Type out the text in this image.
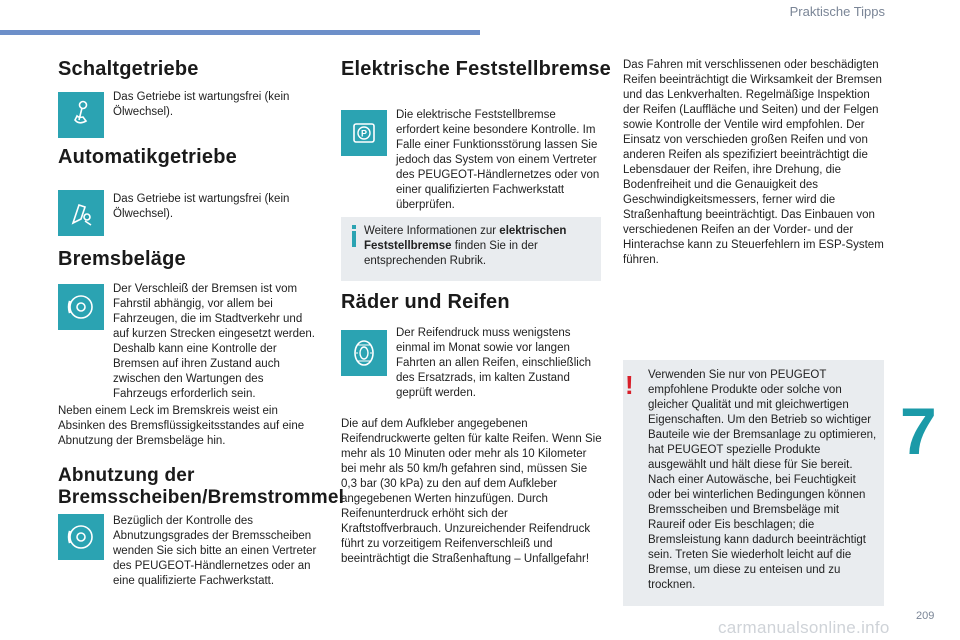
Praktische Tipps
7
Schaltgetriebe

Das Getriebe ist wartungsfrei (kein Ölwechsel).

Automatikgetriebe

Das Getriebe ist wartungsfrei (kein Ölwechsel).

Bremsbeläge

Der Verschleiß der Bremsen ist vom Fahrstil abhängig, vor allem bei Fahrzeugen, die im Stadtverkehr und auf kurzen Strecken eingesetzt werden. Deshalb kann eine Kontrolle der Bremsen auf ihren Zustand auch zwischen den Wartungen des Fahrzeugs erforderlich sein.

Neben einem Leck im Bremskreis weist ein Absinken des Bremsflüssigkeitsstandes auf eine Abnutzung der Bremsbeläge hin.

Abnutzung der
Bremsscheiben/Bremstrommel

Bezüglich der Kontrolle des Abnutzungsgrades der Bremsscheiben wenden Sie sich bitte an einen Vertreter des PEUGEOT-Händlernetzes oder an eine qualifizierte Fachwerkstatt.

Elektrische Feststellbremse
P

Die elektrische Feststellbremse erfordert keine besondere Kontrolle. Im Falle einer Funktionsstörung lassen Sie jedoch das System von einem Vertreter des PEUGEOT-Händlernetzes oder von einer qualifizierten Fachwerkstatt überprüfen.

Weitere Informationen zur elektrischen Feststellbremse finden Sie in der entsprechenden Rubrik.
Räder und Reifen

Der Reifendruck muss wenigstens einmal im Monat sowie vor langen Fahrten an allen Reifen, einschließlich des Ersatzrads, im kalten Zustand geprüft werden.

Die auf dem Aufkleber angegebenen Reifendruckwerte gelten für kalte Reifen. Wenn Sie mehr als 10 Minuten oder mehr als 10 Kilometer bei mehr als 50 km/h gefahren sind, müssen Sie 0,3 bar (30 kPa) zu den auf dem Aufkleber angegebenen Werten hinzufügen. Durch Reifenunterdruck erhöht sich der Kraftstoffverbrauch. Unzureichender Reifendruck führt zu vorzeitigem Reifenverschleiß und beeinträchtigt die Straßenhaftung – Unfallgefahr!

Das Fahren mit verschlissenen oder beschädigten Reifen beeinträchtigt die Wirksamkeit der Bremsen und das Lenkverhalten. Regelmäßige Inspektion der Reifen (Lauffläche und Seiten) und der Felgen sowie Kontrolle der Ventile wird empfohlen. Der Einsatz von verschieden großen Reifen und von anderen Reifen als spezifiziert beeinträchtigt die Lebensdauer der Reifen, ihre Drehung, die Bodenfreiheit und die Genauigkeit des Geschwindigkeitsmessers, ferner wird die Straßenhaftung beeinträchtigt. Das Einbauen von verschiedenen Reifen an der Vorder- und der Hinterachse kann zu Steuerfehlern im ESP-System führen.

! Verwenden Sie nur von PEUGEOT empfohlene Produkte oder solche von gleicher Qualität und mit gleichwertigen Eigenschaften. Um den Betrieb so wichtiger Bauteile wie der Bremsanlage zu optimieren, hat PEUGEOT spezielle Produkte ausgewählt und hält diese für Sie bereit. Nach einer Autowäsche, bei Feuchtigkeit oder bei winterlichen Bedingungen können Bremsscheiben und Bremsbeläge mit Raureif oder Eis beschlagen; die Bremsleistung kann dadurch beeinträchtigt sein. Treten Sie wiederholt leicht auf die Bremse, um diese zu enteisen und zu trocknen.
carmanualsonline.info
209
